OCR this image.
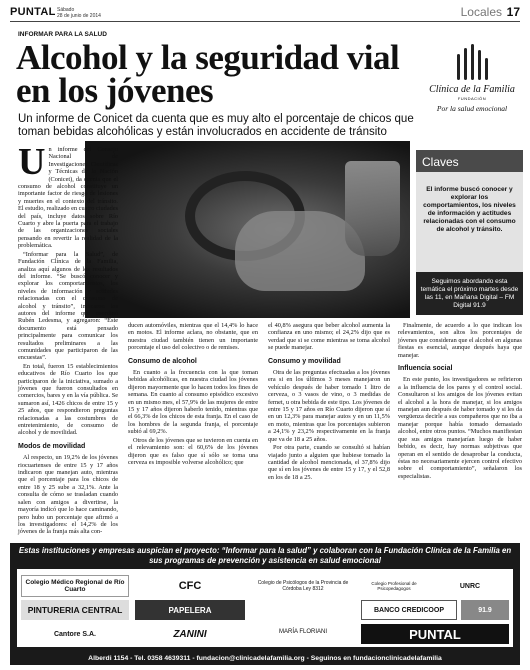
PUNTAL Sábado
28 de junio de 2014	Locales 17
INFORMAR PARA LA SALUD
Alcohol y la seguridad vial en los jóvenes
Un informe de Conicet da cuenta que es muy alto el porcentaje de chicos que toman bebidas alcohólicas y están involucrados en accidente de tránsito
Clínica de la Familia
FUNDACIÓN
Por la salud emocional
Claves
El informe buscó conocer y explorar los comportamientos, los niveles de información y actitudes relacionadas con el consumo de alcohol y tránsito.
Seguimos abordando esta temática el próximo martes desde las 11, en Mañana Digital – FM Digital 91.9
U n informe del Consejo Nacional de Investigaciones Científicas y Técnicas de la Nación (Conicet), da cuenta que el consumo de alcohol constituye un importante factor de riesgo de lesiones y muertes en el contexto del tránsito. El estudio, realizado en cuatro ciudades del país, incluye datos sobre Río Cuarto y abre la puerta para el trabajo de las organizaciones sociales pensando en revertir la realidad de la problemática.

“Informar para la Salud”, de Fundación Clínica de la Familia, analiza aquí algunos de los resultados del informe. “Se buscó conocer y explorar los comportamientos, los niveles de información y actitudes relacionadas con el consumo de alcohol y tránsito”, indicaron los autores del informe que coordinó Rubén Ledesma, y agregaron: “Este documento está pensado principalmente para comunicar los resultados preliminares a las comunidades que participaron de las encuestas”.

En total, fueron 15 establecimientos educativos de Río Cuarto los que participaron de la iniciativa, sumado a jóvenes que fueron consultados en comercios, bares y en la vía pública. Se sumaron así, 1426 chicos de entre 15 y 25 años, que respondieron preguntas relacionadas a las costumbres de entretenimiento, de consumo de alcohol y de movilidad.

Modos de movilidad

Al respecto, un 19,2% de los jóvenes riocuartenses de entre 15 y 17 años indicaron que manejan auto, mientras que el porcentaje para los chicos de entre 18 y 25 sube a 32,1%. Ante la consulta de cómo se trasladan cuando salen con amigos a divertirse, la mayoría indicó que lo hace caminando, pero hubo un porcentaje que afirmó a los investigadores: el 14,2% de los jóvenes de la franja más alta con-

ducen automóviles, mientras que el 14,4% lo hace en motos. El informe aclara, no obstante, que en nuestra ciudad también tienen un importante porcentaje el uso del colectivo o de remises.

Consumo de alcohol

En cuanto a la frecuencia con la que toman bebidas alcohólicas, en nuestra ciudad los jóvenes dijeron mayormente que lo hacen todos los fines de semana. En cuanto al consumo episódico excesivo en un mismo mes, el 57,9% de las mujeres de entre 15 y 17 años dijeron haberlo tenido, mientras que el 66,3% de los chicos de esta franja. En el caso de los hombres de la segunda franja, el porcentaje subió al 69,2%.

Otros de los jóvenes que se tuvieron en cuenta en el relevamiento son: el 60,6% de los jóvenes dijeron que es falso que sí sólo se toma una cerveza es imposible volverse alcohólico; que

el 40,8% asegura que beber alcohol aumenta la confianza en uno mismo; el 24,2% dijo que es verdad que si se come mientras se toma alcohol se puede manejar.

Consumo y movilidad

Otra de las preguntas efectuadas a los jóvenes era si en los últimos 3 meses manejaron un vehículo después de haber tomado 1 litro de cerveza, o 3 vasos de vino, o 3 medidas de fernet, u otra bebida de este tipo. Los jóvenes de entre 15 y 17 años en Río Cuarto dijeron que sí en un 12,3% para manejar autos y en un 11,5% en moto, mientras que los porcentajes subieron a 24,1% y 23,2% respectivamente en la franja que va de 18 a 25 años.

Por otra parte, cuando se consultó si habían viajado junto a alguien que hubiese tomado la cantidad de alcohol mencionada, el 37,8% dijo que sí en los jóvenes de entre 15 y 17, y el 52,8 en los de 18 a 25.

Finalmente, de acuerdo a lo que indican los relevamientos, son altos los porcentajes de jóvenes que consideran que el alcohol en algunas fiestas es esencial, aunque después haya que manejar.

Influencia social

En este punto, los investigadores se refirieron a la influencia de los pares y el control social. Consultaron si los amigos de los jóvenes evitan el alcohol a la hora de manejar, si los amigos manejan aun después de haber tomado y si les da vergüenza decirle a sus compañeros que no iba a manejar porque había tomado demasiado alcohol, entre otros puntos. “Muchos manifiestan que sus amigos manejarían luego de haber bebido, es decir, hay normas subjetivas que operan en el sentido de desaprobar la conducta, éstas no necesariamente ejercen control efectivo sobre el comportamiento”, señalaron los especialistas.

Estas instituciones y empresas auspician el proyecto: “Informar para la salud” y colaboran con la Fundación Clínica de la Familia en sus programas de prevención y asistencia en salud emocional
Colegio Médico Regional de Río Cuarto	CFC	Colegio de Psicólogos de la Provincia de Córdoba Ley 8312
Colegio Profesional de Psicopedagogos	UNRC
PINTURERIA CENTRAL	PAPELERA	BANCO CREDICOOP	91.9
Cantore S.A.	ZANINI	MARÍA FLORIANI	PUNTAL
Alberdi 1154 - Tel. 0358 4639311 - fundacion@clinicadelafamilia.org - Seguinos en fundacionclinicadelafamilia
